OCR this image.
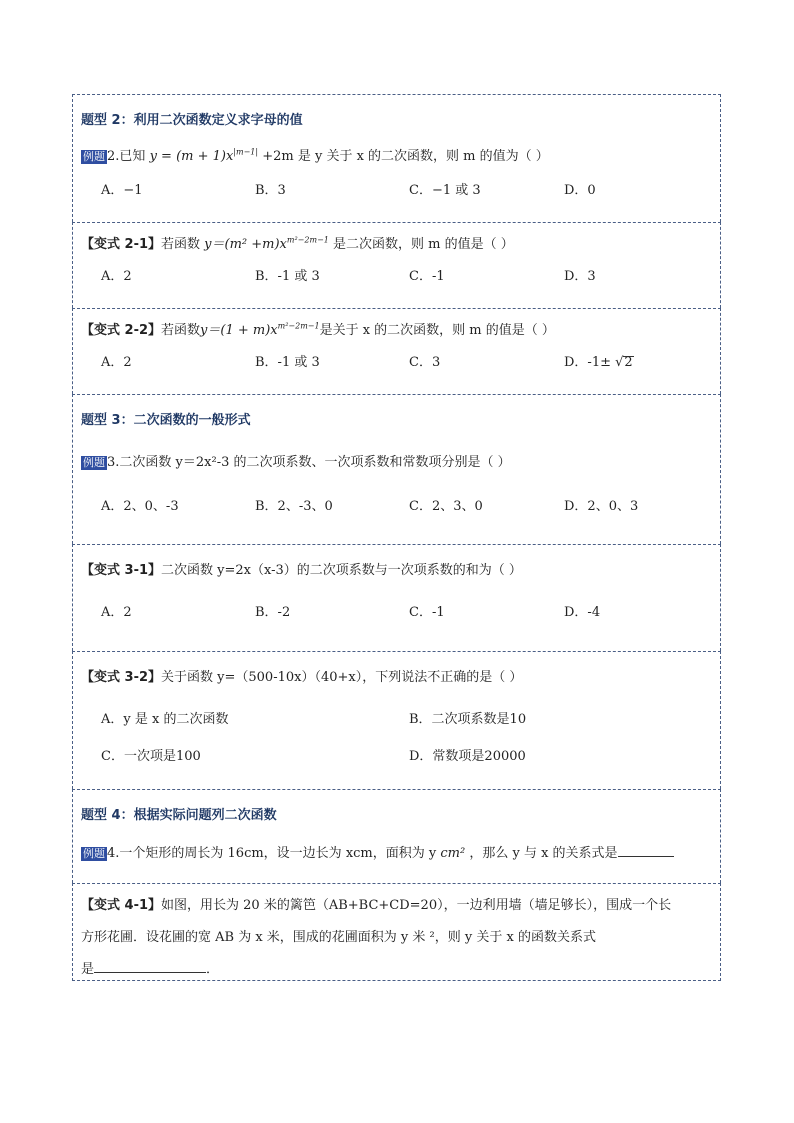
题型 2：利用二次函数定义求字母的值
例题 2.已知 $y = (m + 1)x^{|m-1|} +2m$ 是 y 关于 x 的二次函数，则 m 的值为（ ）
A．−1	B．3	C．−1 或 3	D．0
【变式 2-1】若函数 $y=(m^2 +m)x^{m^2-2m-1}$ 是二次函数，则 m 的值是（ ）
A．2	B．-1 或 3	C．-1	D．3
【变式 2-2】若函数$y=(1 + m)x^{m^2-2m-1}$是关于 x 的二次函数，则 m 的值是（ ）
A．2	B．-1 或 3	C．3	D．-1± √2
题型 3：二次函数的一般形式
例题 3.二次函数 y＝2x²-3 的二次项系数、一次项系数和常数项分别是（ ）
A．2、0、-3	B．2、-3、0	C．2、3、0	D．2、0、3
【变式 3-1】二次函数 y=2x（x-3）的二次项系数与一次项系数的和为（ ）
A．2	B．-2	C．-1	D．-4
【变式 3-2】关于函数 y=（500-10x）（40+x），下列说法不正确的是（ ）
A．y 是 x 的二次函数	B．二次项系数是10
C．一次项是100	D．常数项是20000
题型 4：根据实际问题列二次函数
例题 4.一个矩形的周长为 16cm，设一边长为 xcm，面积为 y cm² ，那么 y 与 x 的关系式是
【变式 4-1】如图，用长为 20 米的篱笆（AB+BC+CD=20），一边利用墙（墙足够长），围成一个长
方形花圃．设花圃的宽 AB 为 x 米，围成的花圃面积为 y 米 ²，则 y 关于 x 的函数关系式
是	．
